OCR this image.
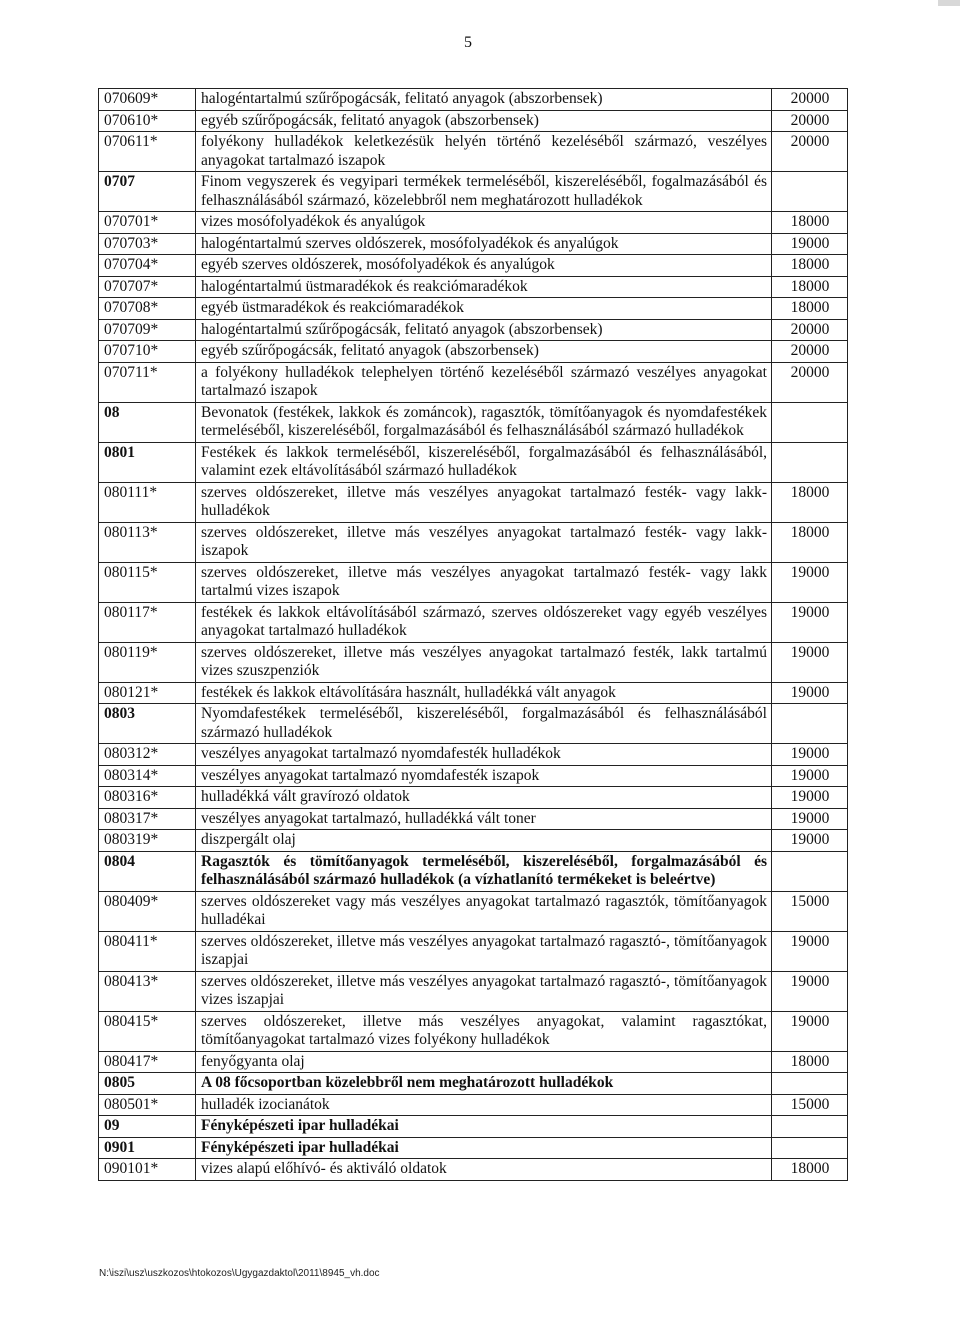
5
070609*	halogéntartalmú szűrőpogácsák, felitató anyagok (abszorbensek)	20000
070610*	egyéb szűrőpogácsák, felitató anyagok (abszorbensek)	20000
070611*	folyékony hulladékok keletkezésük helyén történő kezeléséből származó, veszélyes anyagokat tartalmazó iszapok	20000
0707	Finom vegyszerek és vegyipari termékek termeléséből, kiszereléséből, fogalmazásából és felhasználásából származó, közelebbről nem meghatározott hulladékok	
070701*	vizes mosófolyadékok és anyalúgok	18000
070703*	halogéntartalmú szerves oldószerek, mosófolyadékok és anyalúgok	19000
070704*	egyéb szerves oldószerek, mosófolyadékok és anyalúgok	18000
070707*	halogéntartalmú üstmaradékok és reakciómaradékok	18000
070708*	egyéb üstmaradékok és reakciómaradékok	18000
070709*	halogéntartalmú szűrőpogácsák, felitató anyagok (abszorbensek)	20000
070710*	egyéb szűrőpogácsák, felitató anyagok (abszorbensek)	20000
070711*	a folyékony hulladékok telephelyen történő kezeléséből származó veszélyes anyagokat tartalmazó iszapok	20000
08	Bevonatok (festékek, lakkok és zománcok), ragasztók, tömítőanyagok és nyomdafestékek termeléséből, kiszereléséből, forgalmazásából és felhasználásából származó hulladékok	
0801	Festékek és lakkok termeléséből, kiszereléséből, forgalmazásából és felhasználásából, valamint ezek eltávolításából származó hulladékok	
080111*	szerves oldószereket, illetve más veszélyes anyagokat tartalmazó festék- vagy lakk-hulladékok	18000
080113*	szerves oldószereket, illetve más veszélyes anyagokat tartalmazó festék- vagy lakk-iszapok	18000
080115*	szerves oldószereket, illetve más veszélyes anyagokat tartalmazó festék- vagy lakk tartalmú vizes iszapok	19000
080117*	festékek és lakkok eltávolításából származó, szerves oldószereket vagy egyéb veszélyes anyagokat tartalmazó hulladékok	19000
080119*	szerves oldószereket, illetve más veszélyes anyagokat tartalmazó festék, lakk tartalmú vizes szuszpenziók	19000
080121*	festékek és lakkok eltávolítására használt, hulladékká vált anyagok	19000
0803	Nyomdafestékek termeléséből, kiszereléséből, forgalmazásából és felhasználásából származó hulladékok	
080312*	veszélyes anyagokat tartalmazó nyomdafesték hulladékok	19000
080314*	veszélyes anyagokat tartalmazó nyomdafesték iszapok	19000
080316*	hulladékká vált gravírozó oldatok	19000
080317*	veszélyes anyagokat tartalmazó, hulladékká vált toner	19000
080319*	diszpergált olaj	19000
0804	Ragasztók és tömítőanyagok termeléséből, kiszereléséből, forgalmazásából és felhasználásából származó hulladékok (a vízhatlanító termékeket is beleértve)	
080409*	szerves oldószereket vagy más veszélyes anyagokat tartalmazó ragasztók, tömítőanyagok hulladékai	15000
080411*	szerves oldószereket, illetve más veszélyes anyagokat tartalmazó ragasztó-, tömítőanyagok iszapjai	19000
080413*	szerves oldószereket, illetve más veszélyes anyagokat tartalmazó ragasztó-, tömítőanyagok vizes iszapjai	19000
080415*	szerves oldószereket, illetve más veszélyes anyagokat, valamint ragasztókat, tömítőanyagokat tartalmazó vizes folyékony hulladékok	19000
080417*	fenyőgyanta olaj	18000
0805	A 08 főcsoportban közelebbről nem meghatározott hulladékok	
080501*	hulladék izocianátok	15000
09	Fényképészeti ipar hulladékai	
0901	Fényképészeti ipar hulladékai	
090101*	vizes alapú előhívó- és aktiváló oldatok	18000
N:\iszi\usz\uszkozos\htokozos\Ugygazdaktol\2011\8945_vh.doc
